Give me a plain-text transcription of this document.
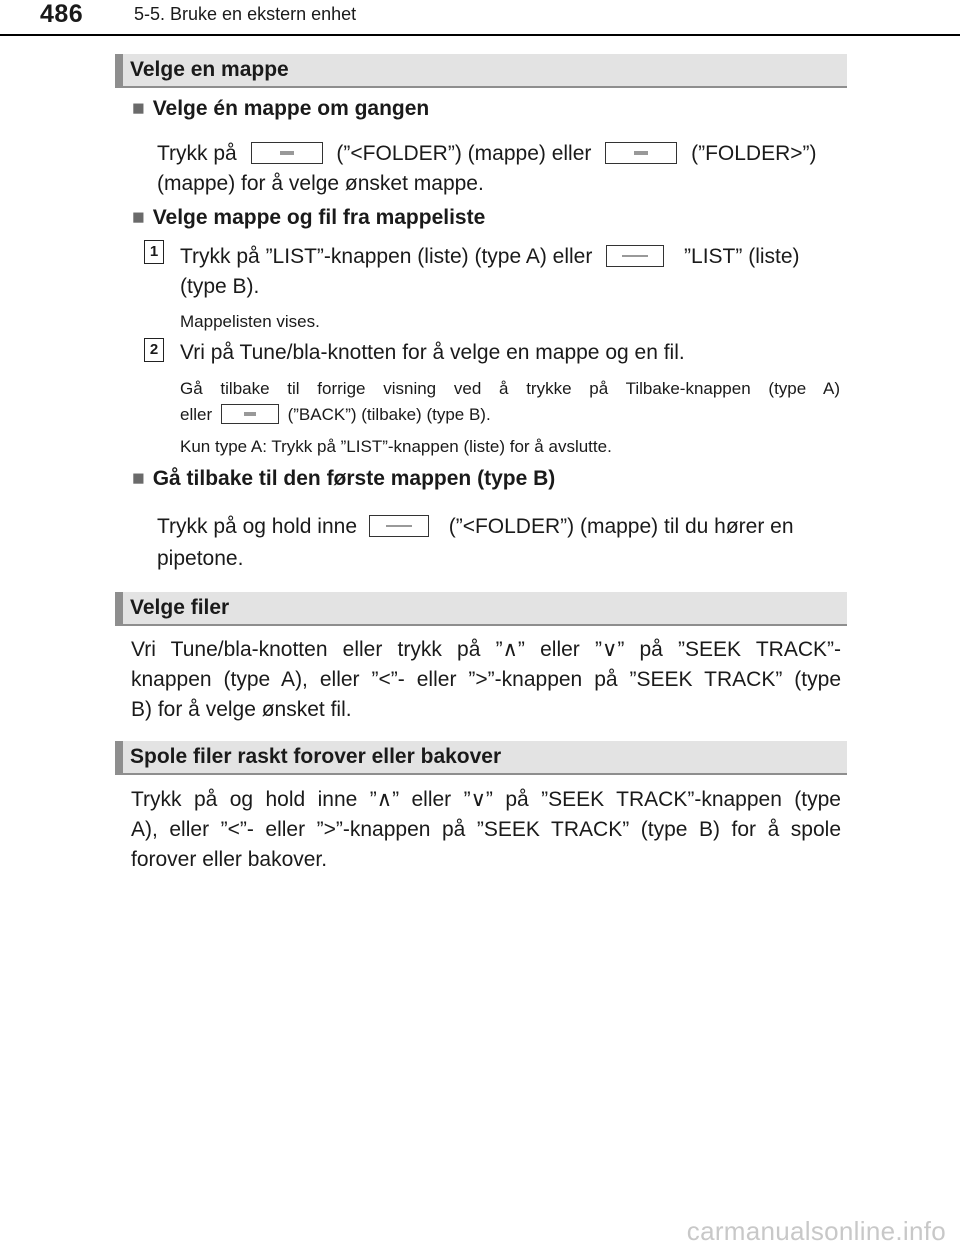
486	5-5. Bruke en ekstern enhet
Velge en mappe
■ Velge én mappe om gangen
Trykk på	(”<FOLDER”) (mappe) eller	(”FOLDER>”)
(mappe) for å velge ønsket mappe.
■ Velge mappe og fil fra mappeliste
1 Trykk på ”LIST”-knappen (liste) (type A) eller	”LIST” (liste)
(type B).
Mappelisten vises.
2 Vri på Tune/bla-knotten for å velge en mappe og en fil.
Gå tilbake til forrige visning ved å trykke på Tilbake-knappen (type A)
eller	(”BACK”) (tilbake) (type B).
Kun type A: Trykk på ”LIST”-knappen (liste) for å avslutte.
■ Gå tilbake til den første mappen (type B)
Trykk på og hold inne	(”<FOLDER”) (mappe) til du hører en
pipetone.
Velge filer
Vri Tune/bla-knotten eller trykk på ”∧” eller ”∨” på ”SEEK TRACK”-
knappen (type A), eller ”<”- eller ”>”-knappen på ”SEEK TRACK” (type
B) for å velge ønsket fil.
Spole filer raskt forover eller bakover
Trykk på og hold inne ”∧” eller ”∨” på ”SEEK TRACK”-knappen (type
A), eller ”<”- eller ”>”-knappen på ”SEEK TRACK” (type B) for å spole
forover eller bakover.
carmanualsonline.info
